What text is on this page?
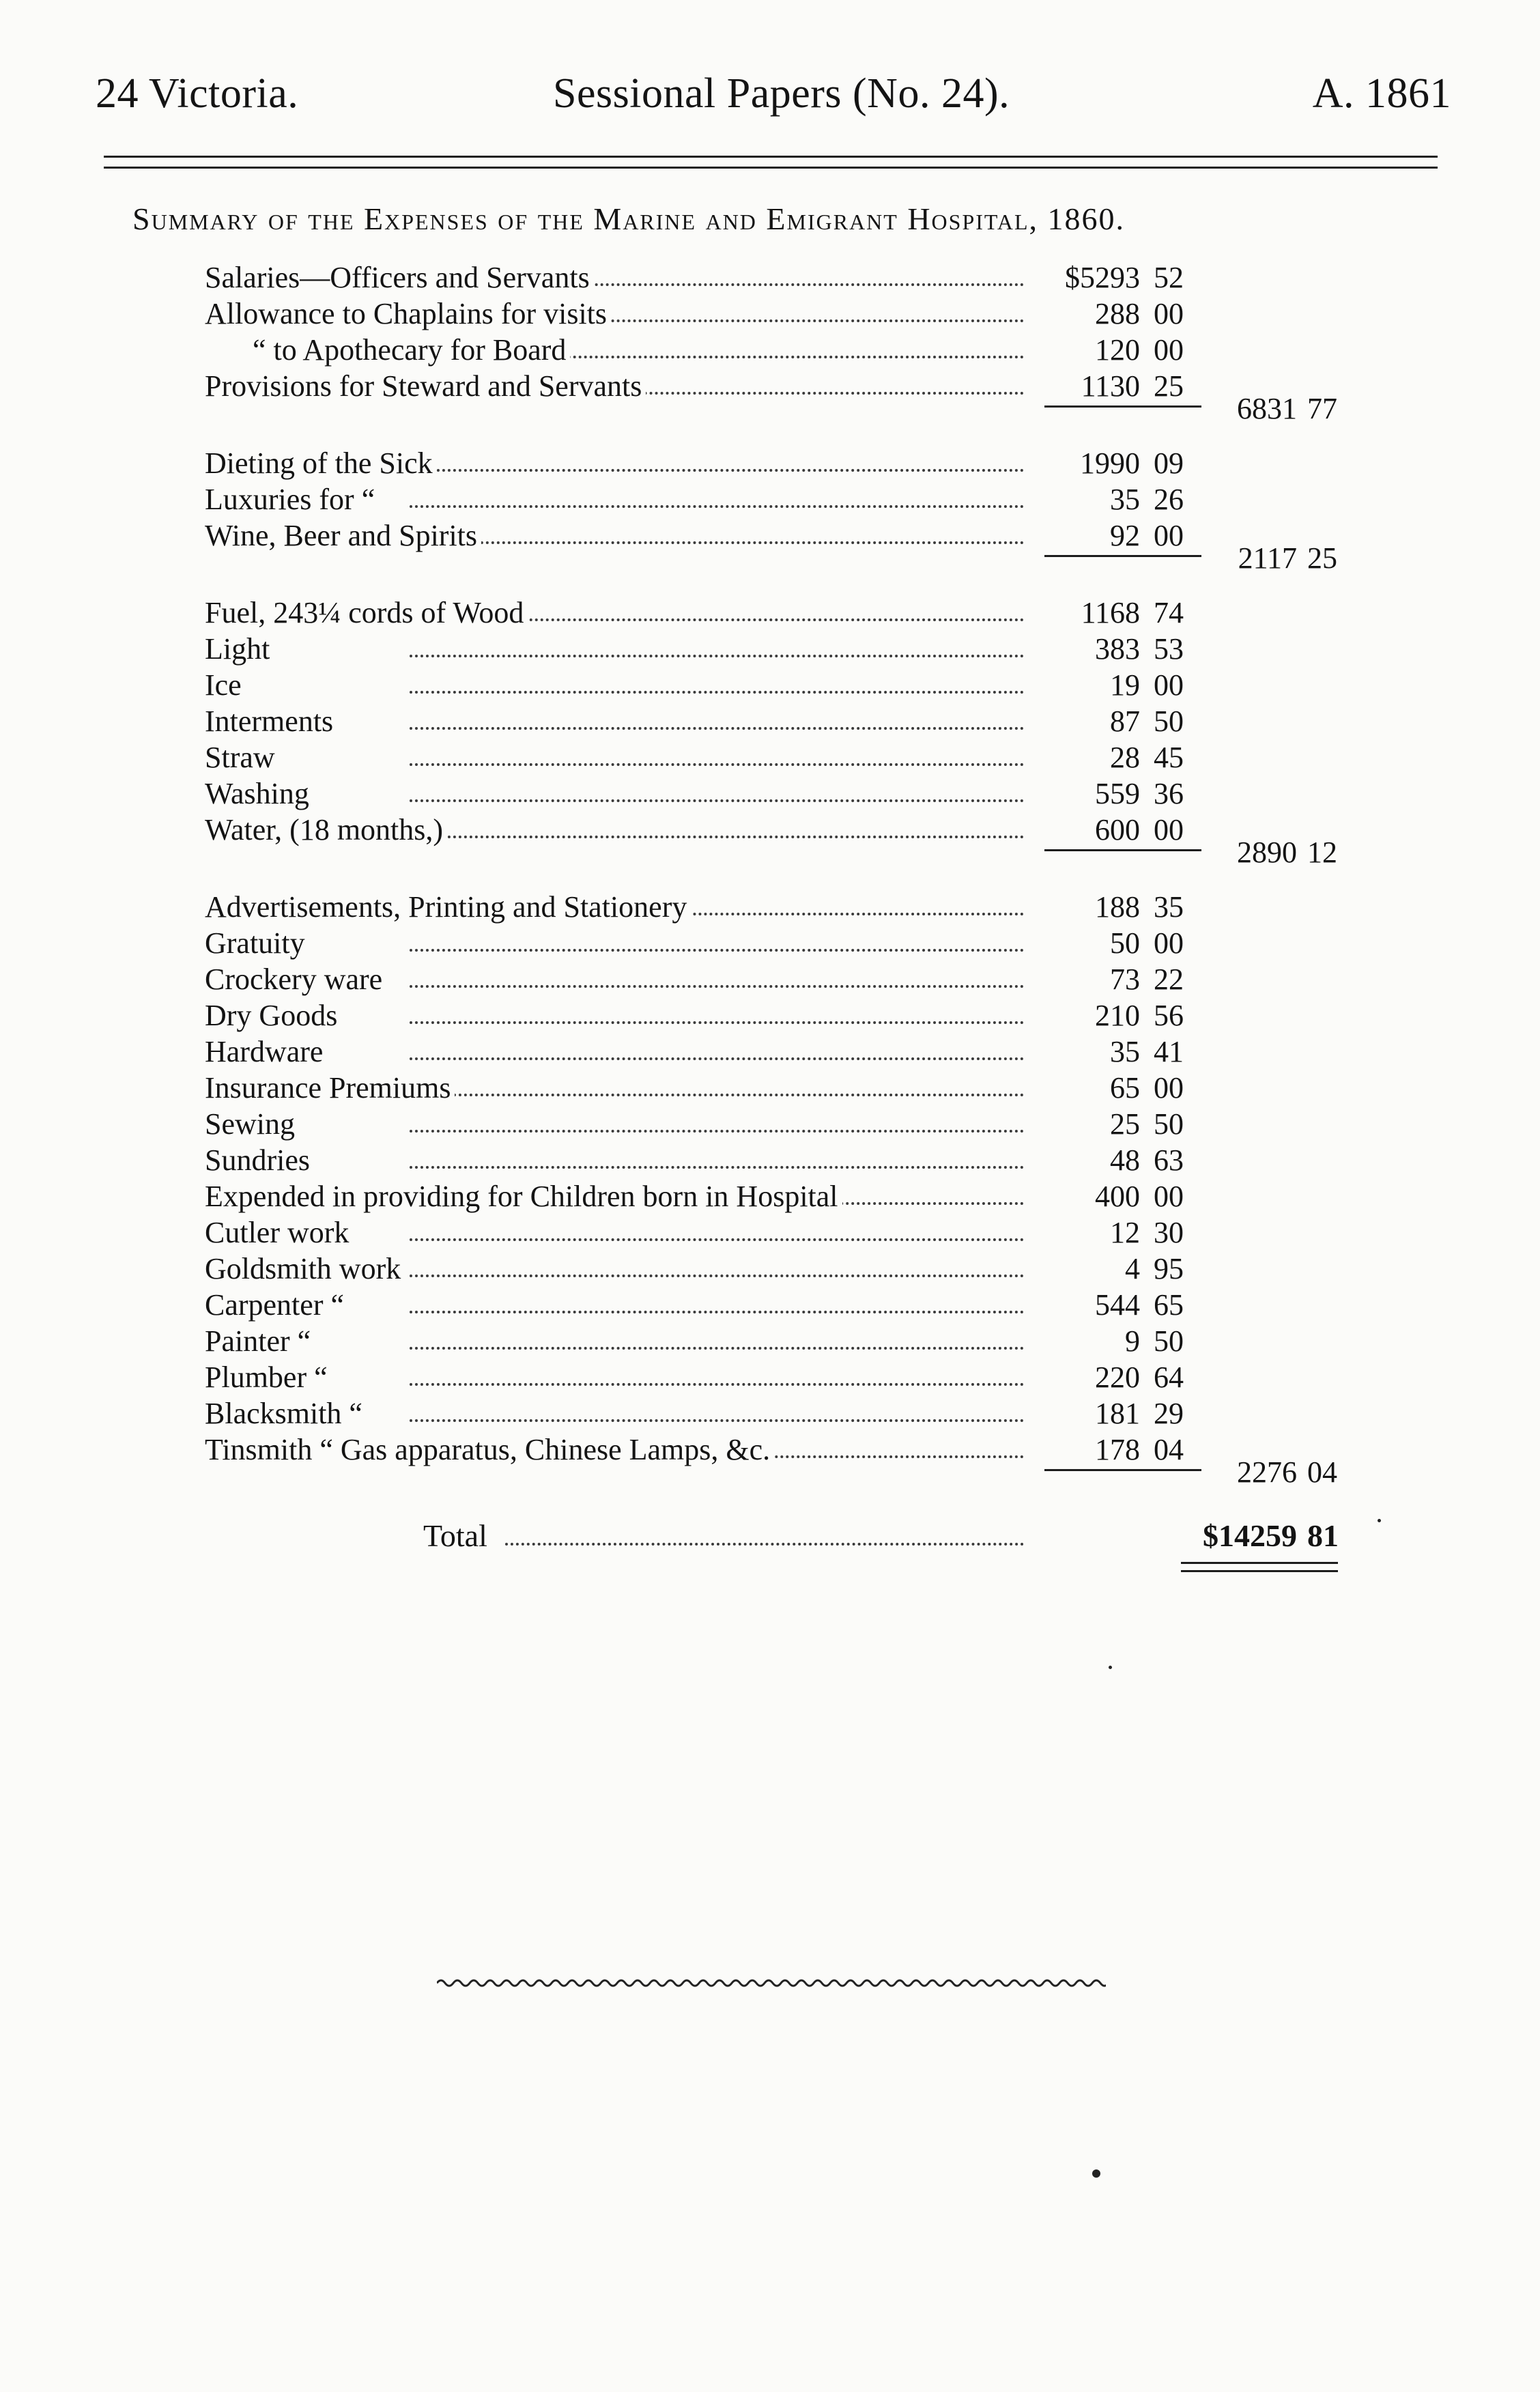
24 Victoria.	Sessional Papers (No. 24).	A. 1861
Summary of the Expenses of the Marine and Emigrant Hospital, 1860.
Salaries—Officers and Servants	$5293 52
Allowance to Chaplains for visits	288 00
“ to Apothecary for Board	120 00
Provisions for Steward and Servants	1130 25
6831 77
Dieting of the Sick	1990 09
Luxuries for “	35 26
Wine, Beer and Spirits	92 00
2117 25
Fuel, 243¼ cords of Wood	1168 74
Light	383 53
Ice	19 00
Interments	87 50
Straw	28 45
Washing	559 36
Water, (18 months,)	600 00
2890 12
Advertisements, Printing and Stationery	188 35
Gratuity	50 00
Crockery ware	73 22
Dry Goods	210 56
Hardware	35 41
Insurance Premiums	65 00
Sewing	25 50
Sundries	48 63
Expended in providing for Children born in Hospital	400 00
Cutler work	12 30
Goldsmith work	4 95
Carpenter “	544 65
Painter “	9 50
Plumber “	220 64
Blacksmith “	181 29
Tinsmith “ Gas apparatus, Chinese Lamps, &c.	178 04
2276 04
Total	$14259 81
